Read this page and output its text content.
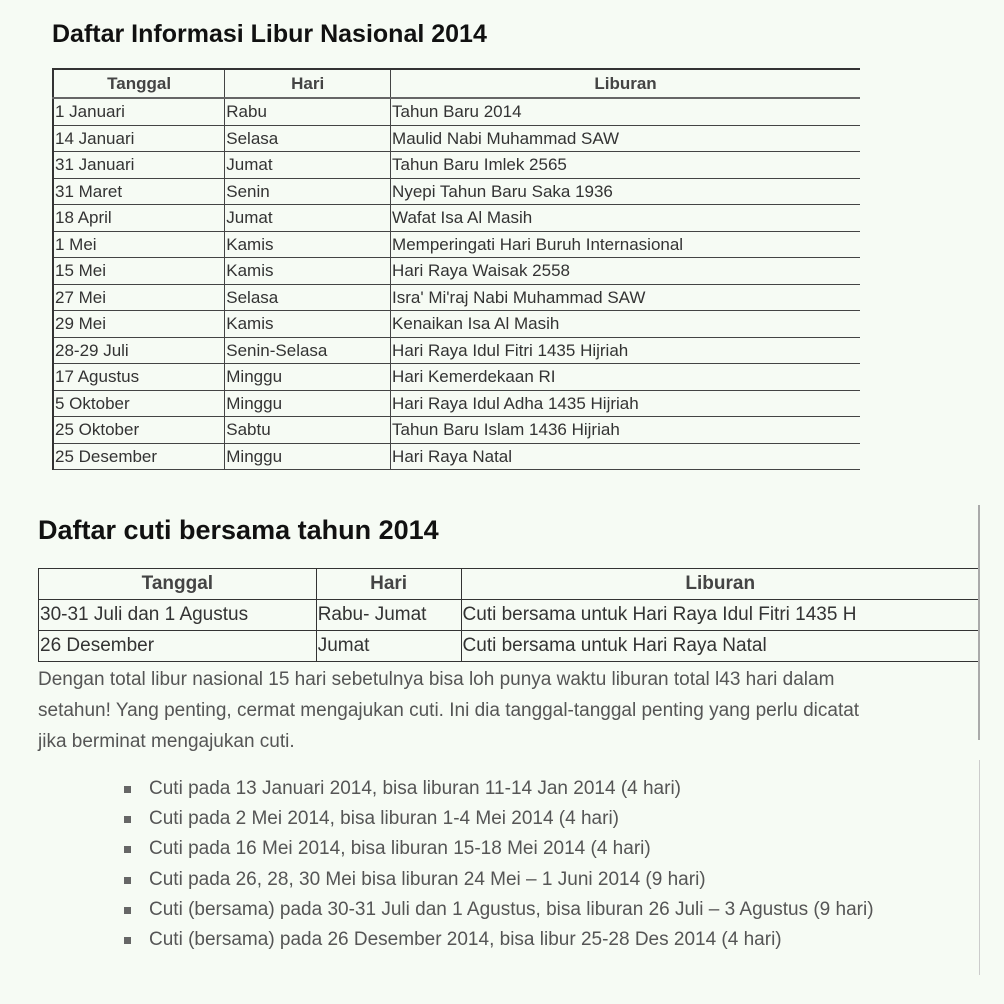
Daftar Informasi Libur Nasional 2014
Tanggal	Hari	Liburan
1 Januari	Rabu	Tahun Baru 2014
14 Januari	Selasa	Maulid Nabi Muhammad SAW
31 Januari	Jumat	Tahun Baru Imlek 2565
31 Maret	Senin	Nyepi Tahun Baru Saka 1936
18 April	Jumat	Wafat Isa Al Masih
1 Mei	Kamis	Memperingati Hari Buruh Internasional
15 Mei	Kamis	Hari Raya Waisak 2558
27 Mei	Selasa	Isra' Mi'raj Nabi Muhammad SAW
29 Mei	Kamis	Kenaikan Isa Al Masih
28-29 Juli	Senin-Selasa	Hari Raya Idul Fitri 1435 Hijriah
17 Agustus	Minggu	Hari Kemerdekaan RI
5 Oktober	Minggu	Hari Raya Idul Adha 1435 Hijriah
25 Oktober	Sabtu	Tahun Baru Islam 1436 Hijriah
25 Desember	Minggu	Hari Raya Natal
Daftar cuti bersama tahun 2014
Tanggal	Hari	Liburan
30-31 Juli dan 1 Agustus	Rabu- Jumat	Cuti bersama untuk Hari Raya Idul Fitri 1435 H
26 Desember	Jumat	Cuti bersama untuk Hari Raya Natal

Dengan total libur nasional 15 hari sebetulnya bisa loh punya waktu liburan total l43 hari dalam
setahun! Yang penting, cermat mengajukan cuti. Ini dia tanggal-tanggal penting yang perlu dicatat
jika berminat mengajukan cuti.

Cuti pada 13 Januari 2014, bisa liburan 11-14 Jan 2014 (4 hari)
Cuti pada 2 Mei 2014, bisa liburan 1-4 Mei 2014 (4 hari)
Cuti pada 16 Mei 2014, bisa liburan 15-18 Mei 2014 (4 hari)
Cuti pada 26, 28, 30 Mei bisa liburan 24 Mei – 1 Juni 2014 (9 hari)
Cuti (bersama) pada 30-31 Juli dan 1 Agustus, bisa liburan 26 Juli – 3 Agustus (9 hari)
Cuti (bersama) pada 26 Desember 2014, bisa libur 25-28 Des 2014 (4 hari)
